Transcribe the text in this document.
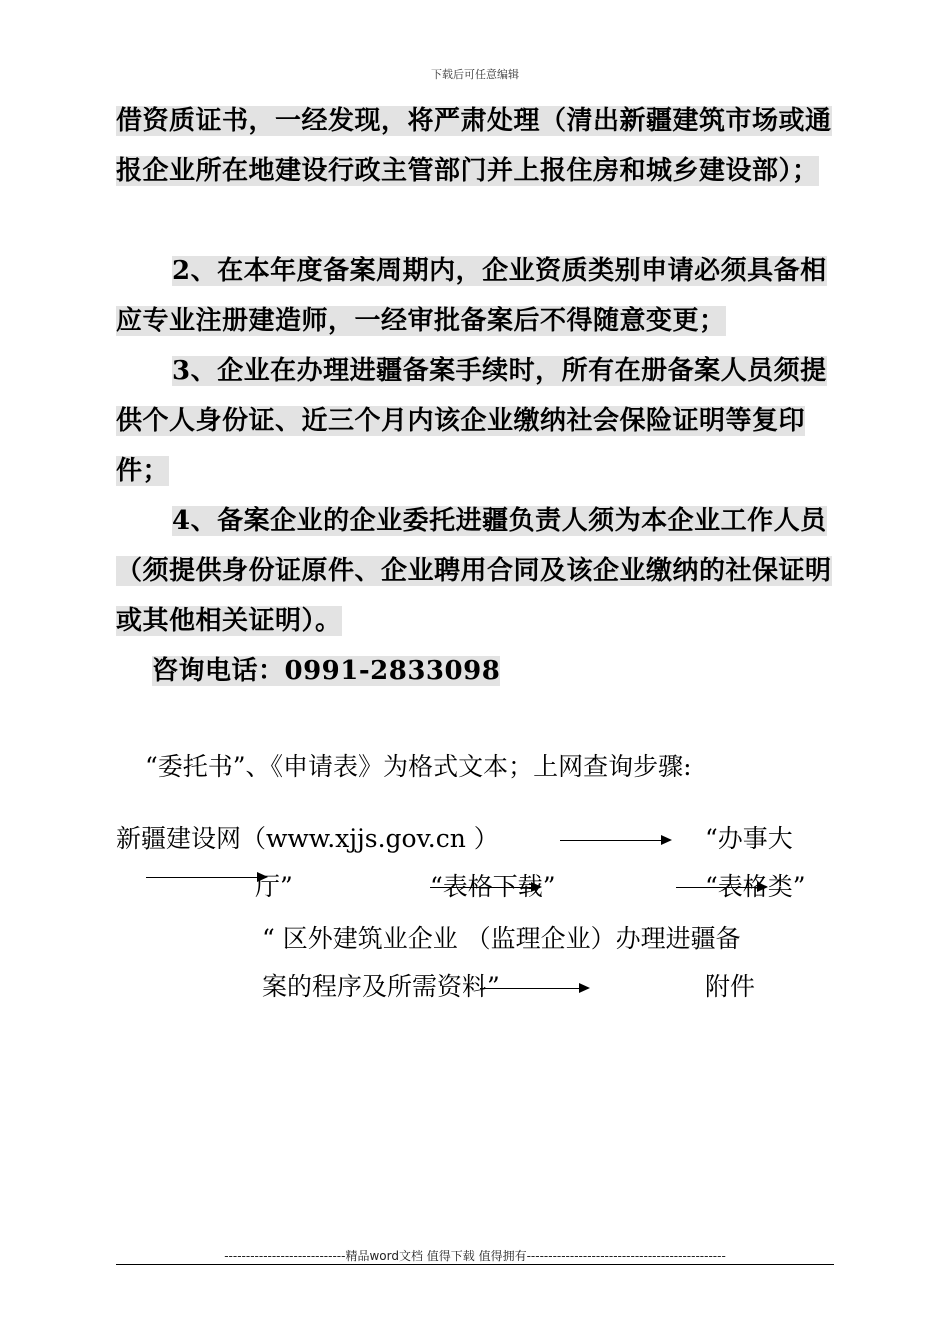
下载后可任意编辑
借资质证书，一经发现，将严肃处理（清出新疆建筑市场或通报企业所在地建设行政主管部门并上报住房和城乡建设部）；
2、在本年度备案周期内，企业资质类别申请必须具备相应专业注册建造师，一经审批备案后不得随意变更；
3、企业在办理进疆备案手续时，所有在册备案人员须提供个人身份证、近三个月内该企业缴纳社会保险证明等复印件；
4、备案企业的企业委托进疆负责人须为本企业工作人员（须提供身份证原件、企业聘用合同及该企业缴纳的社保证明或其他相关证明）。
咨询电话：0991-2833098
“委托书”、《申请表》为格式文本；上网查询步骤:
新疆建设网（www.xjjs.gov.cn ）	“办事大
厅”	“表格下载”	“表格类”
“ 区外建筑业企业 （监理企业）办理进疆备
案的程序及所需资料”	附件
----------------------------精品word文档 值得下载 值得拥有----------------------------------------------
